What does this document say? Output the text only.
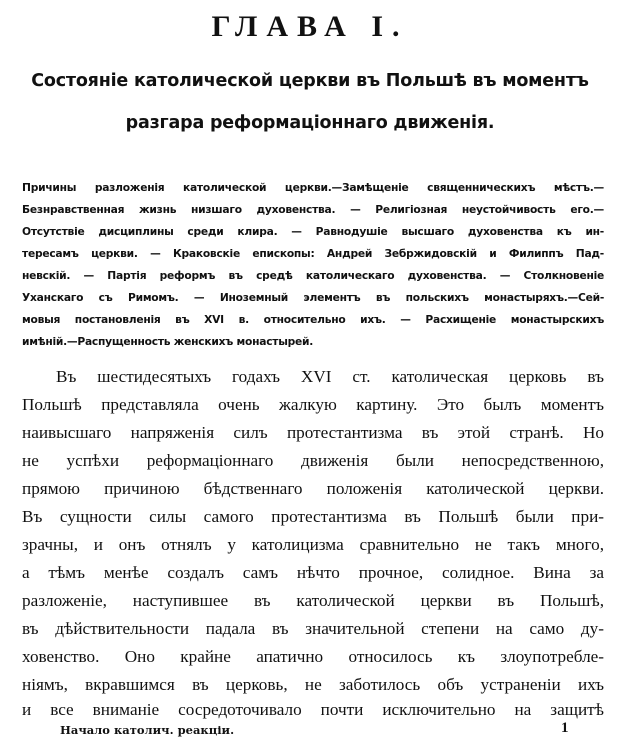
ГЛАВА I.
Состояніе католической церкви въ Польшѣ въ моментъ
разгара реформаціоннаго движенія.
Причины разложенія католической церкви.—Замѣщеніе священническихъ мѣстъ.—
Безнравственная жизнь низшаго духовенства. — Религіозная неустойчивость его.—
Отсутствіе дисциплины среди клира. — Равнодушіе высшаго духовенства къ ин-
тересамъ церкви. — Краковскіе епископы: Андрей Зебржидовскій и Филиппъ Пад-
невскій. — Партія реформъ въ средѣ католическаго духовенства. — Столкновеніе
Уханскаго съ Римомъ. — Иноземный элементъ въ польскихъ монастыряхъ.—Сей-
мовыя постановленія въ XVI в. относительно ихъ. — Расхищеніе монастырскихъ
имѣній.—Распущенность женскихъ монастырей.
Въ шестидесятыхъ годахъ XVI ст. католическая церковь въ
Польшѣ представляла очень жалкую картину. Это былъ моментъ
наивысшаго напряженія силъ протестантизма въ этой странѣ. Но
не успѣхи реформаціоннаго движенія были непосредственною,
прямою причиною бѣдственнаго положенія католической церкви.
Въ сущности силы самого протестантизма въ Польшѣ были при-
зрачны, и онъ отнялъ у католицизма сравнительно не такъ много,
а тѣмъ менѣе создалъ самъ нѣчто прочное, солидное. Вина за
разложеніе, наступившее въ католической церкви въ Польшѣ,
въ дѣйствительности падала въ значительной степени на само ду-
ховенство. Оно крайне апатично относилось къ злоупотребле-
ніямъ, вкравшимся въ церковь, не заботилось объ устраненіи ихъ
и все вниманіе сосредоточивало почти исключительно на защитѣ
Начало католич. реакціи.	1
